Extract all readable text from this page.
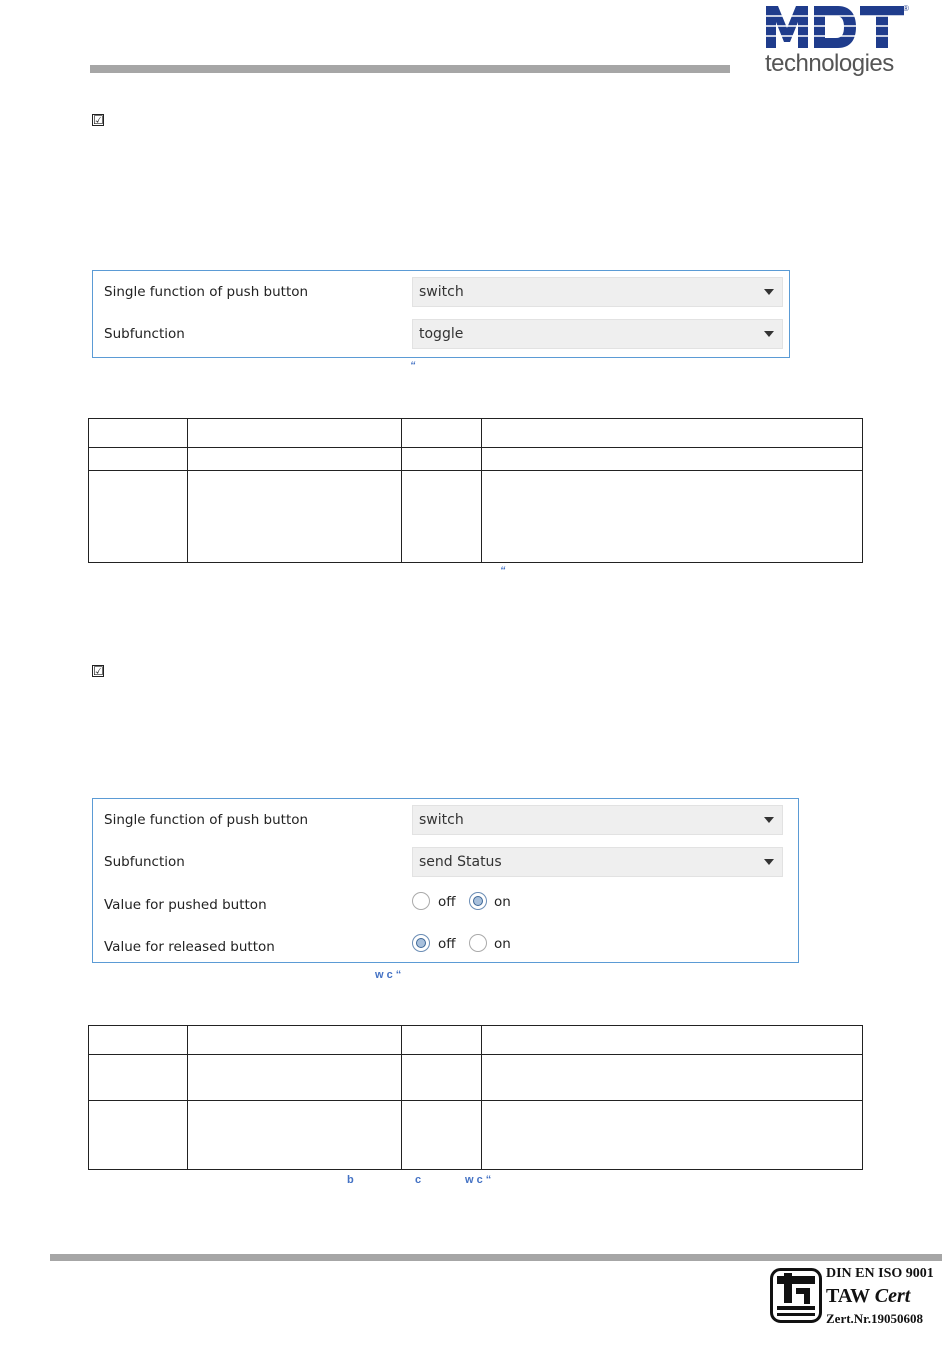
®
technologies
☑
Single function of push button	switch
Subfunction	toggle
“

“
☑
Single function of push button	switch
Subfunction	send Status
Value for pushed button	off	on
Value for released button	off	on
w c “

b	c	w c “
DIN EN ISO 9001
TAW Cert
Zert.Nr.19050608
